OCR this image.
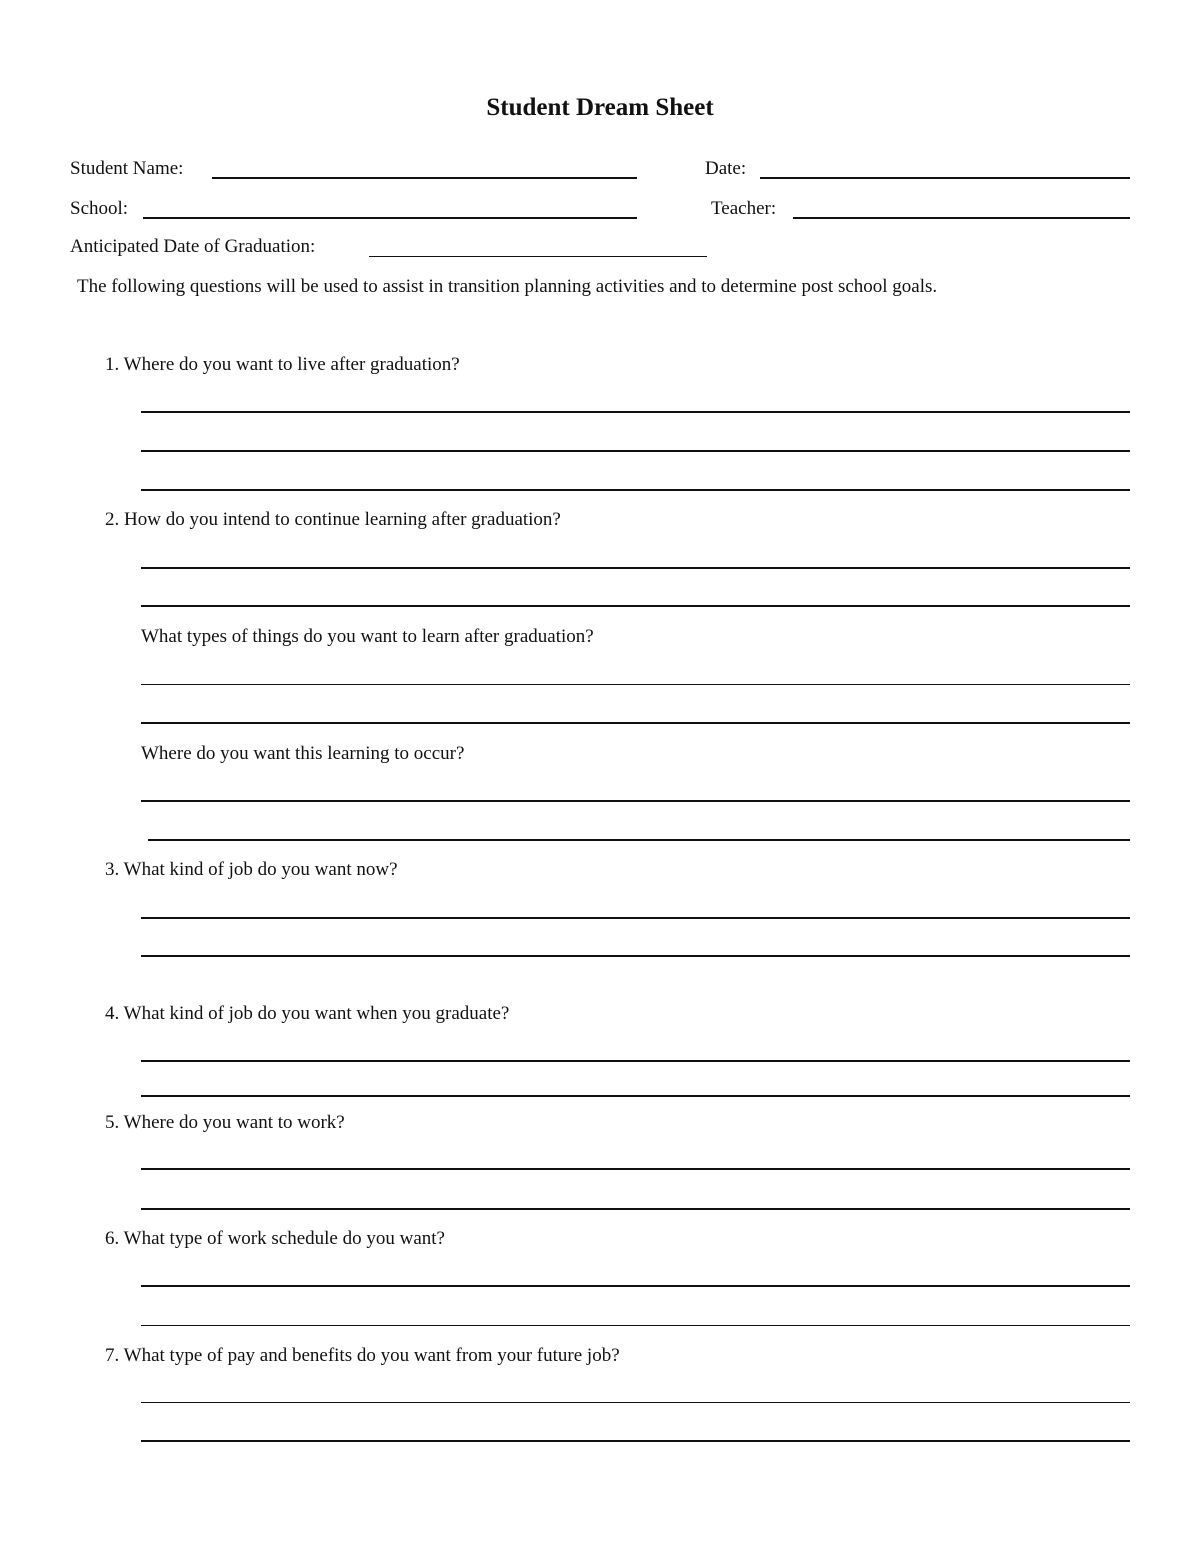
Student Dream Sheet
Student Name:	Date:
School:	Teacher:
Anticipated Date of Graduation:
The following questions will be used to assist in transition planning activities and to determine post school goals.
1. Where do you want to live after graduation?
2. How do you intend to continue learning after graduation?
What types of things do you want to learn after graduation?
Where do you want this learning to occur?
3. What kind of job do you want now?
4. What kind of job do you want when you graduate?
5. Where do you want to work?
6. What type of work schedule do you want?
7. What type of pay and benefits do you want from your future job?
